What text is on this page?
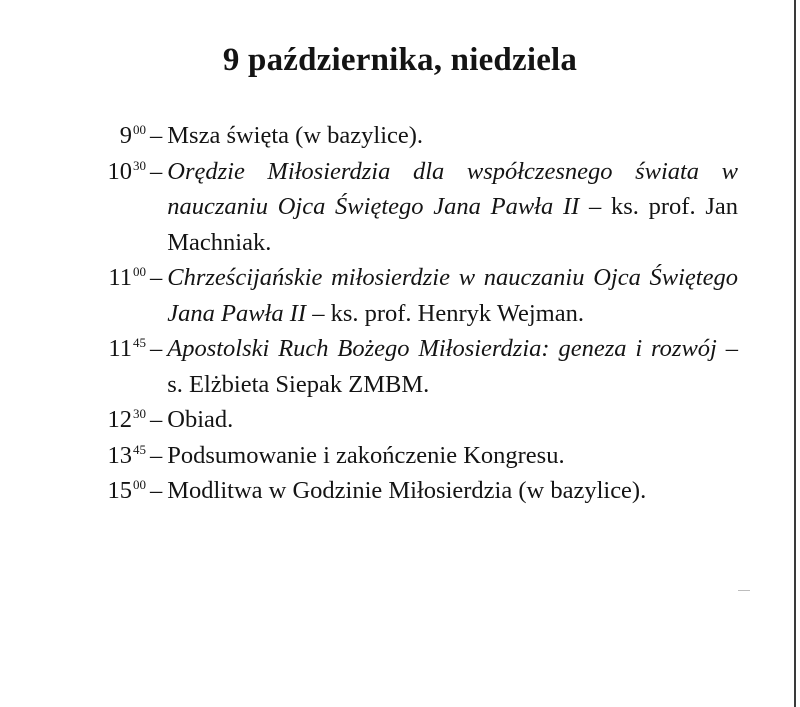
9 października, niedziela
$9^{00}$ – Msza święta (w bazylice).
$10^{30}$ – Orędzie Miłosierdzia dla współczesnego świata w nauczaniu Ojca Świętego Jana Pawła II – ks. prof. Jan Machniak.
$11^{00}$ – Chrześcijańskie miłosierdzie w nauczaniu Ojca Świętego Jana Pawła II – ks. prof. Henryk Wejman.
$11^{45}$ – Apostolski Ruch Bożego Miłosierdzia: geneza i rozwój – s. Elżbieta Siepak ZMBM.
$12^{30}$ – Obiad.
$13^{45}$ – Podsumowanie i zakończenie Kongresu.
$15^{00}$ – Modlitwa w Godzinie Miłosierdzia (w bazylice).
